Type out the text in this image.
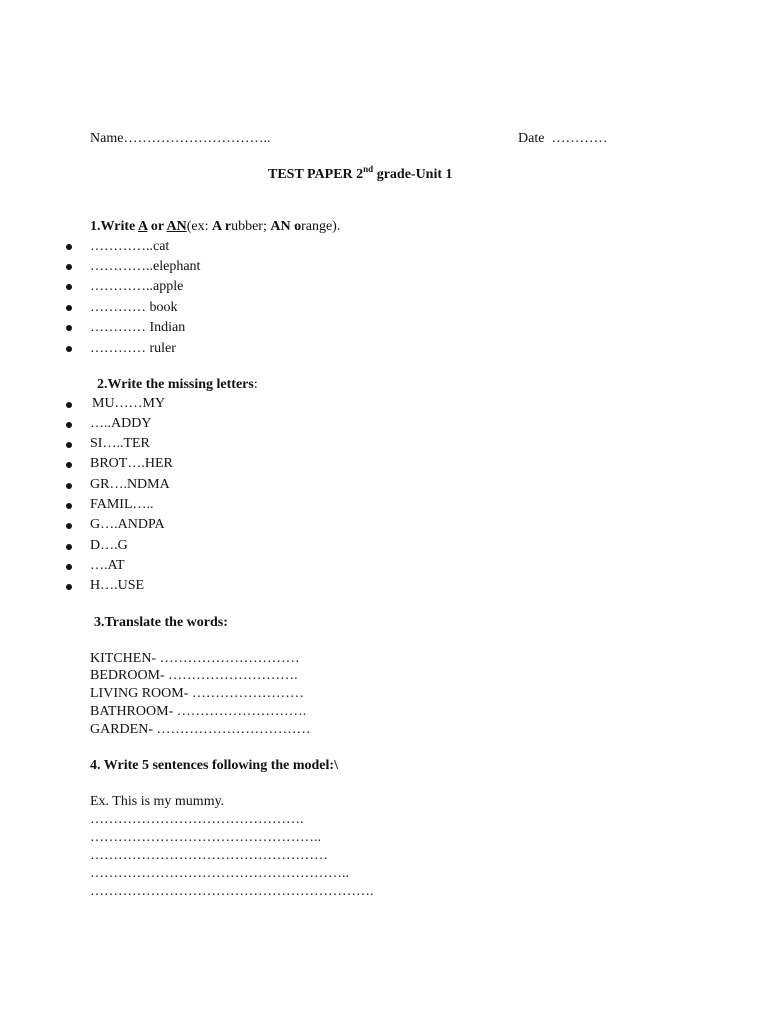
Name…………………………..	Date …………
TEST PAPER 2nd grade-Unit 1
1.Write A or AN(ex: A rubber; AN orange).
…………..cat
…………..elephant
…………..apple
………… book
………… Indian
………… ruler
2.Write the missing letters:
MU……MY
…..ADDY
SI…..TER
BROT….HER
GR….NDMA
FAMIL…..
G….ANDPA
D….G
….AT
H….USE
3.Translate the words:
KITCHEN- …………………………
BEDROOM- ……………………….
LIVING ROOM- ……………………
BATHROOM- ……………………….
GARDEN- ……………………………
4. Write 5 sentences following the model:\
Ex. This is my mummy.
……………………………………….
…………………………………………..
……………………………………………
………………………………………………..
…………………………………………………….
